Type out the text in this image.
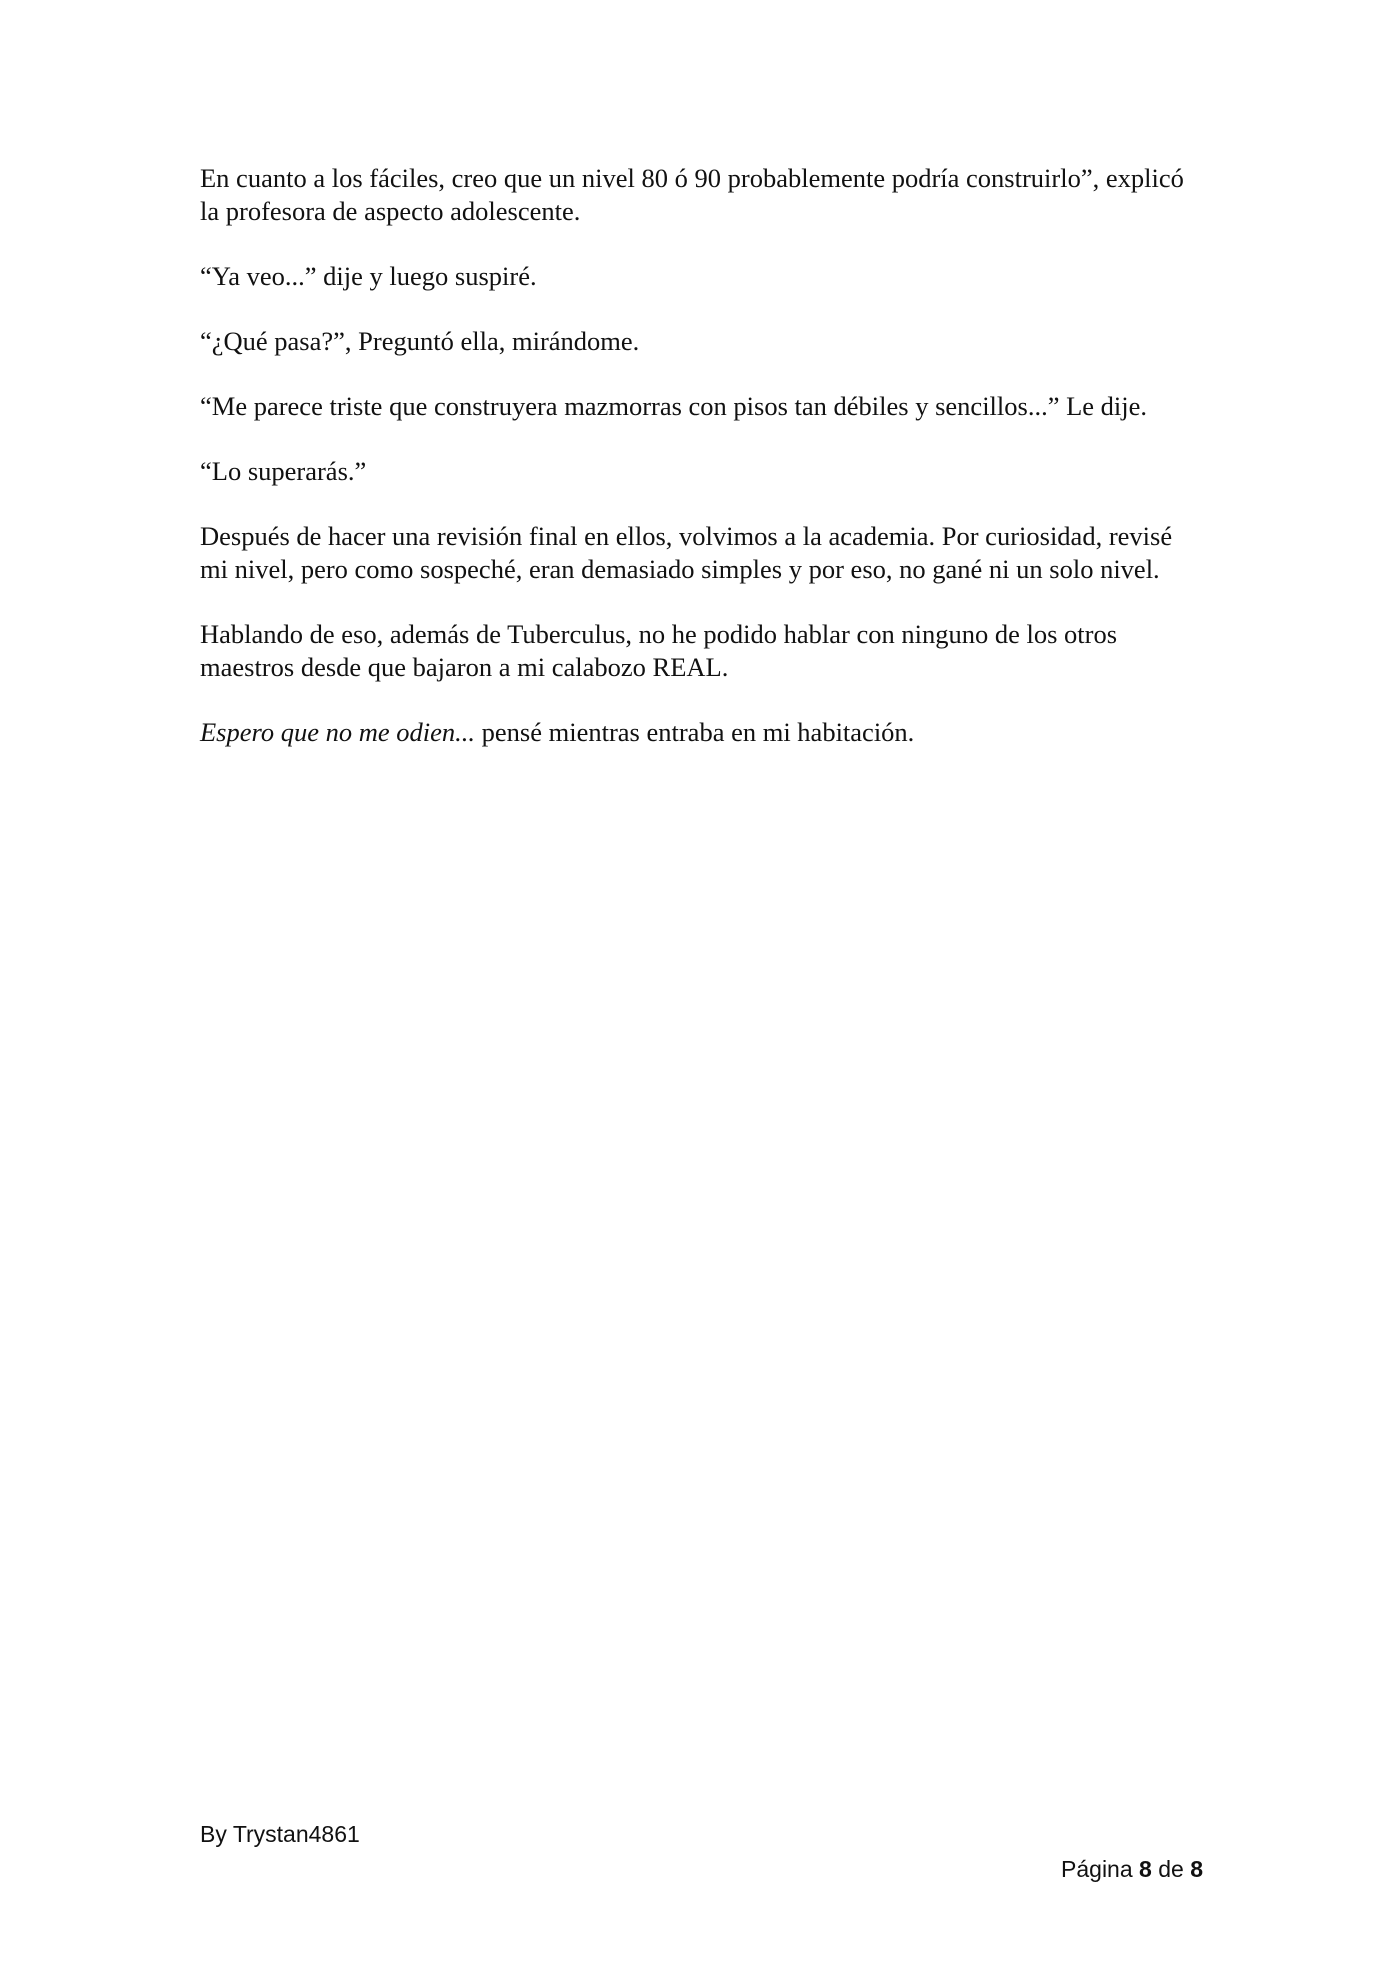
En cuanto a los fáciles, creo que un nivel 80 ó 90 probablemente podría construirlo”, explicó la profesora de aspecto adolescente.

“Ya veo...” dije y luego suspiré.

“¿Qué pasa?”, Preguntó ella, mirándome.

“Me parece triste que construyera mazmorras con pisos tan débiles y sencillos...” Le dije.

“Lo superarás.”

Después de hacer una revisión final en ellos, volvimos a la academia. Por curiosidad, revisé mi nivel, pero como sospeché, eran demasiado simples y por eso, no gané ni un solo nivel.

Hablando de eso, además de Tuberculus, no he podido hablar con ninguno de los otros maestros desde que bajaron a mi calabozo REAL.

Espero que no me odien... pensé mientras entraba en mi habitación.

By Trystan4861
Página 8 de 8
